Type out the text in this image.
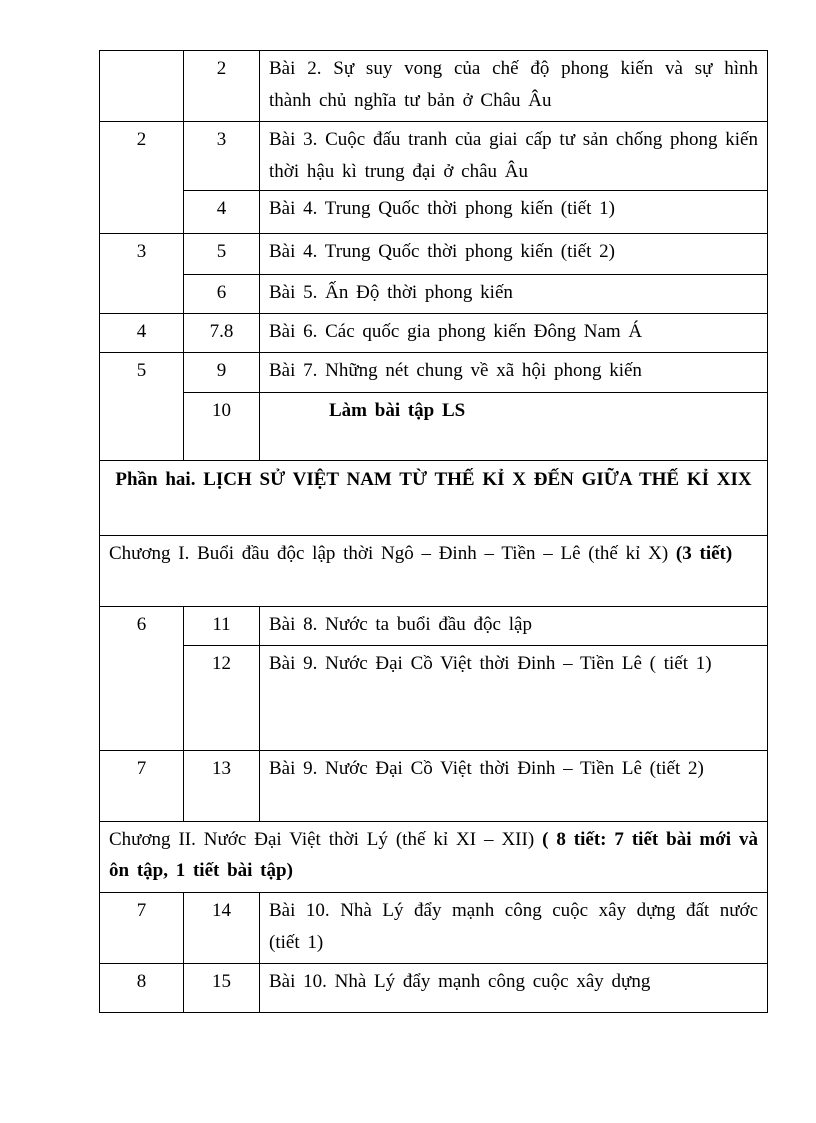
	2	Bài 2. Sự suy vong của chế độ phong kiến và sự hình thành chủ nghĩa tư bản ở Châu Âu
2	3	Bài 3. Cuộc đấu tranh của giai cấp tư sản chống phong kiến thời hậu kì trung đại ở châu Âu
	4	Bài 4. Trung Quốc thời phong kiến (tiết 1)
3	5	Bài 4. Trung Quốc thời phong kiến (tiết 2)
	6	Bài 5. Ấn Độ thời phong kiến
4	7.8	Bài 6. Các quốc gia phong kiến Đông Nam Á
5	9	Bài 7. Những nét chung về xã hội phong kiến
	10	Làm bài tập LS
Phần hai. LỊCH SỬ VIỆT NAM TỪ THẾ KỈ X ĐẾN GIỮA THẾ KỈ XIX		
Chương I. Buổi đầu độc lập thời Ngô – Đinh – Tiền – Lê (thế kỉ X) (3 tiết)		
6	11	Bài 8. Nước ta buổi đầu độc lập
	12	Bài 9. Nước Đại Cồ Việt thời Đinh – Tiền Lê ( tiết 1)
7	13	Bài 9. Nước Đại Cồ Việt thời Đinh – Tiền Lê (tiết 2)
Chương II. Nước Đại Việt thời Lý (thế kỉ XI – XII) ( 8 tiết: 7 tiết bài mới và ôn tập, 1 tiết bài tập)		
7	14	Bài 10. Nhà Lý đẩy mạnh công cuộc xây dựng đất nước (tiết 1)
8	15	Bài 10. Nhà Lý đẩy mạnh công cuộc xây dựng
